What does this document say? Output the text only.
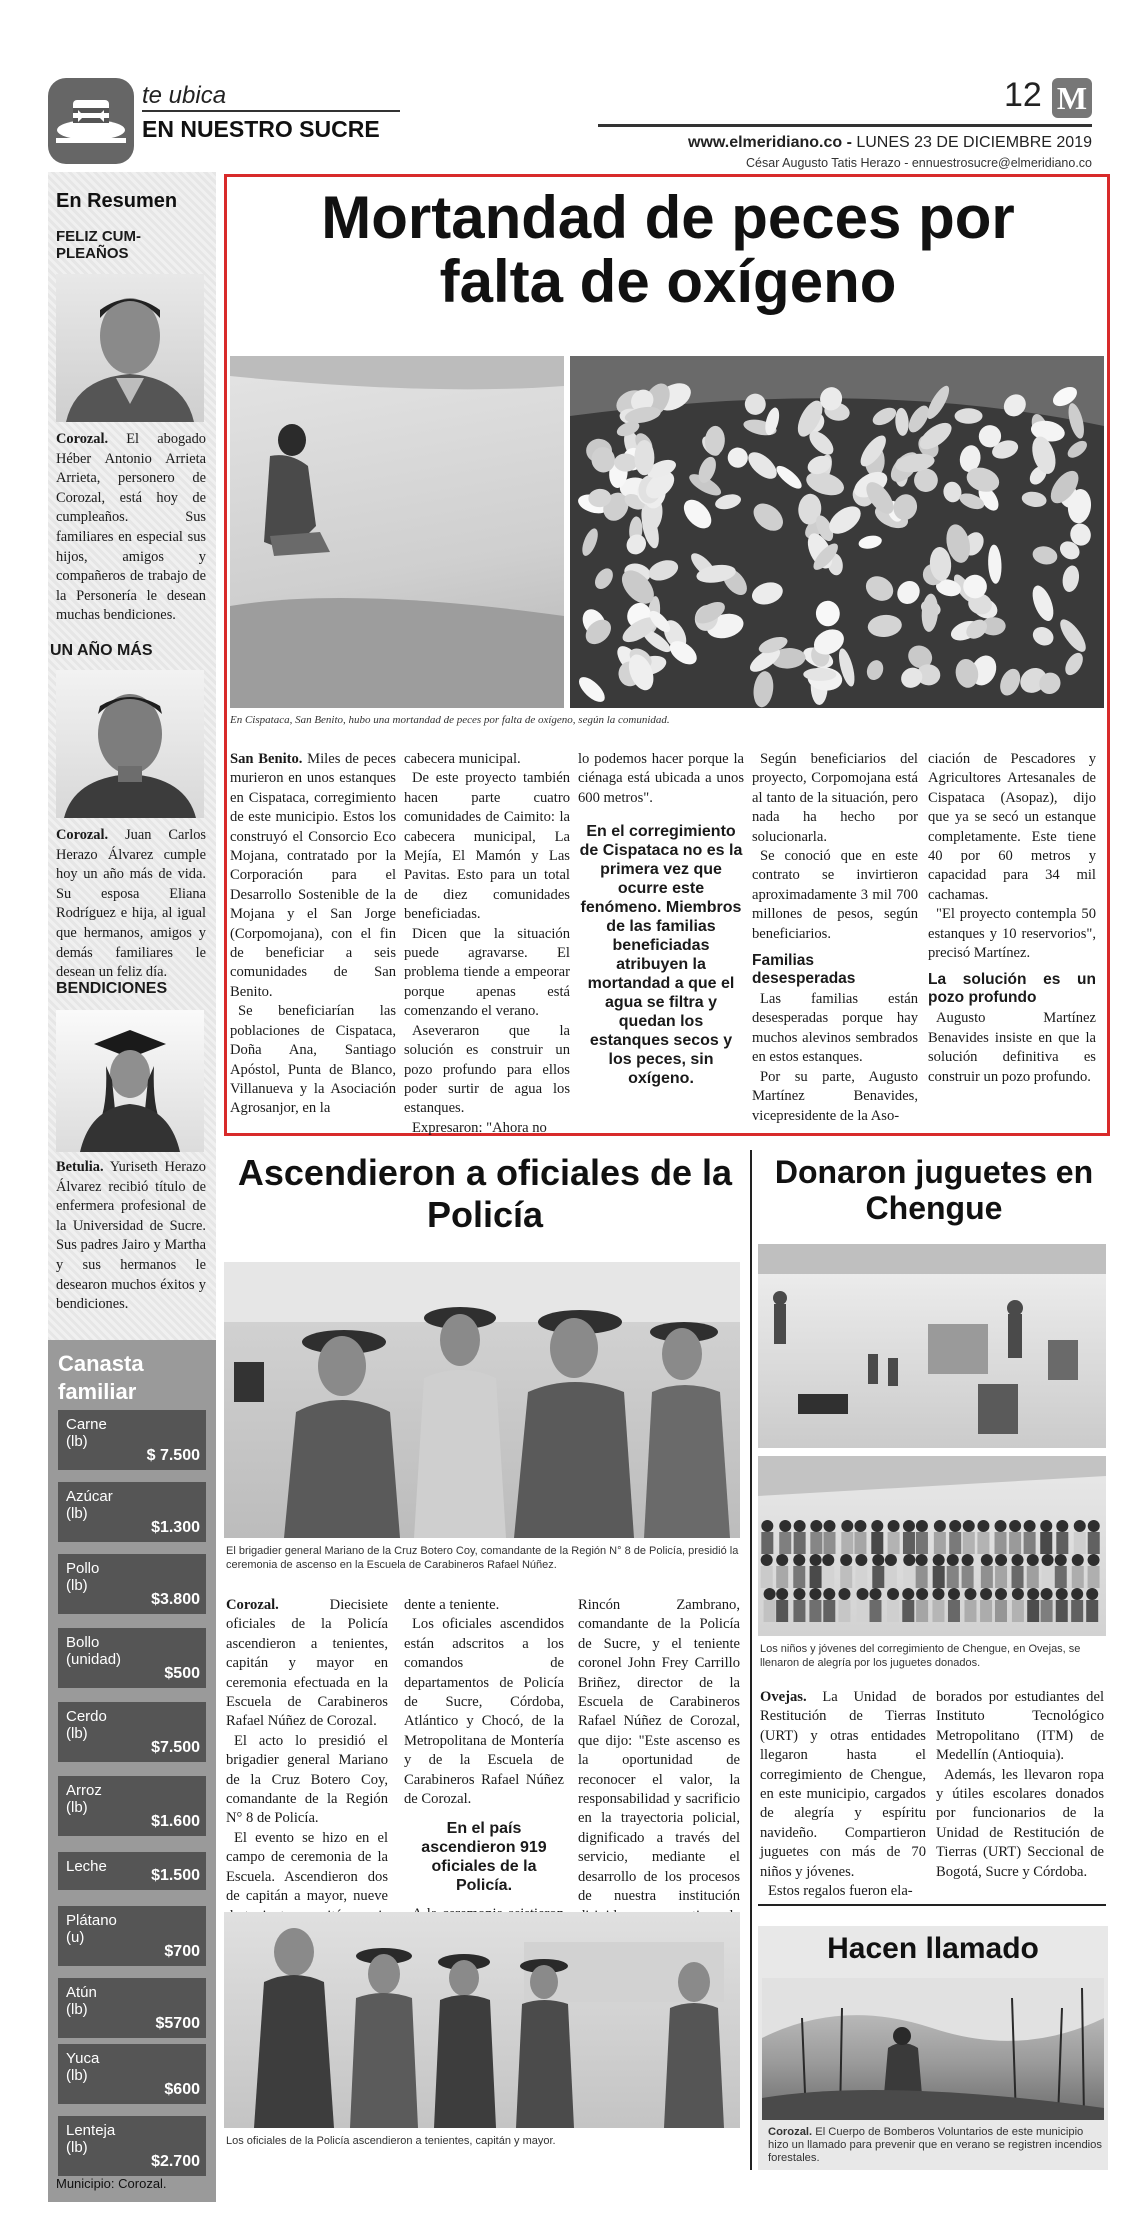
te ubica
EN NUESTRO SUCRE
12 M
www.elmeridiano.co - LUNES 23 DE DICIEMBRE 2019
César Augusto Tatis Herazo - ennuestrosucre@elmeridiano.co
En Resumen
FELIZ CUM-
PLEAÑOS
Corozal. El abogado Héber Antonio Arrieta Arrieta, personero de Corozal, está hoy de cumpleaños. Sus familiares en especial sus hijos, amigos y compañeros de trabajo de la Personería le desean muchas bendiciones.
UN AÑO MÁS
Corozal. Juan Carlos Herazo Álvarez cumple hoy un año más de vida. Su esposa Eliana Rodríguez e hija, al igual que hermanos, amigos y demás familiares le desean un feliz día.
BENDICIONES
Betulia. Yuriseth Herazo Álvarez recibió título de enfermera profesional de la Universidad de Sucre. Sus padres Jairo y Martha y sus hermanos le desearon muchos éxitos y bendiciones.
Canasta familiar
Carne
(lb)
$ 7.500
Azúcar
(lb)
$1.300
Pollo
(lb)
$3.800
Bollo
(unidad)
$500
Cerdo
(lb)
$7.500
Arroz
(lb)
$1.600
Leche
$1.500
Plátano
(u)
$700
Atún
(lb)
$5700
Yuca
(lb)
$600
Lenteja
(lb)
$2.700
Municipio: Corozal.
Mortandad de peces por falta de oxígeno
En Cispataca, San Benito, hubo una mortandad de peces por falta de oxígeno, según la comunidad.
San Benito. Miles de peces murieron en unos estanques en Cispataca, corregimiento de este municipio. Estos los construyó el Consorcio Eco Mojana, contratado por la Corporación para el Desarrollo Sostenible de la Mojana y el San Jorge (Corpomojana), con el fin de beneficiar a seis comunidades de San Benito.
Se beneficiarían las poblaciones de Cispataca, Doña Ana, Santiago Apóstol, Punta de Blanco, Villanueva y la Asociación Agrosanjor, en la
cabecera municipal.
De este proyecto también hacen parte cuatro comunidades de Caimito: la cabecera municipal, La Mejía, El Mamón y Las Pavitas. Esto para un total de diez comunidades beneficiadas.
Dicen que la situación puede agravarse. El problema tiende a empeorar porque apenas está comenzando el verano.
Aseveraron que la solución es construir un pozo profundo para ellos poder surtir de agua los estanques.
Expresaron: "Ahora no
lo podemos hacer porque la ciénaga está ubicada a unos 600 metros".
En el corregimiento de Cispataca no es la primera vez que ocurre este fenómeno. Miembros de las familias beneficiadas atribuyen la mortandad a que el agua se filtra y quedan los estanques secos y los peces, sin oxígeno.
Según beneficiarios del proyecto, Corpomojana está al tanto de la situación, pero nada ha hecho por solucionarla.
Se conoció que en este contrato se invirtieron aproximadamente 3 mil 700 millones de pesos, según beneficiarios.
Familias desesperadas
Las familias están desesperadas porque hay muchos alevinos sembrados en estos estanques.
Por su parte, Augusto Martínez Benavides, vicepresidente de la Aso-
ciación de Pescadores y Agricultores Artesanales de Cispataca (Asopaz), dijo que ya se secó un estanque completamente. Este tiene 40 por 60 metros y capacidad para 34 mil cachamas.
"El proyecto contempla 50 estanques y 10 reservorios", precisó Martínez.
La solución es un pozo profundo
Augusto Martínez Benavides insiste en que la solución definitiva es construir un pozo profundo.
Ascendieron a oficiales de la Policía
El brigadier general Mariano de la Cruz Botero Coy, comandante de la Región N° 8 de Policía, presidió la ceremonia de ascenso en la Escuela de Carabineros Rafael Núñez.
Corozal. Diecisiete oficiales de la Policía ascendieron a tenientes, capitán y mayor en ceremonia efectuada en la Escuela de Carabineros Rafael Núñez de Corozal.
El acto lo presidió el brigadier general Mariano de la Cruz Botero Coy, comandante de la Región N° 8 de Policía.
El evento se hizo en el campo de ceremonia de la Escuela. Ascendieron dos de capitán a mayor, nueve
dente a teniente.
Los oficiales ascendidos están adscritos a los comandos de departamentos de Policía de Sucre, Córdoba, Atlántico y Chocó, de la Metropolitana de Montería y de la Escuela de Carabineros Rafael Núñez de Corozal.
En el país ascendieron 919 oficiales de la Policía.
Rincón Zambrano, comandante de la Policía de Sucre, y el teniente coronel John Frey Carrillo Briñez, director de la Escuela de Carabineros Rafael Núñez de Corozal, que dijo: "Este ascenso es la oportunidad de reconocer el valor, la responsabilidad y sacrificio en la trayectoria policial, dignificado a través del servicio, mediante el desarrollo de los procesos de nuestra institución
Los oficiales de la Policía ascendieron a tenientes, capitán y mayor.
Donaron juguetes en Chengue
Los niños y jóvenes del corregimiento de Chengue, en Ovejas, se llenaron de alegría por los juguetes donados.
Ovejas. La Unidad de Restitución de Tierras (URT) y otras entidades llegaron hasta el corregimiento de Chengue, en este municipio, cargados de alegría y espíritu navideño. Compartieron juguetes con más de 70 niños y jóvenes.
Estos regalos fueron ela-
borados por estudiantes del Instituto Tecnológico Metropolitano (ITM) de Medellín (Antioquia).
Además, les llevaron ropa y útiles escolares donados por funcionarios de la Unidad de Restitución de Tierras (URT) Seccional de Bogotá, Sucre y Córdoba.
Hacen llamado
Corozal. El Cuerpo de Bomberos Voluntarios de este municipio hizo un llamado para prevenir que en verano se registren incendios forestales.
